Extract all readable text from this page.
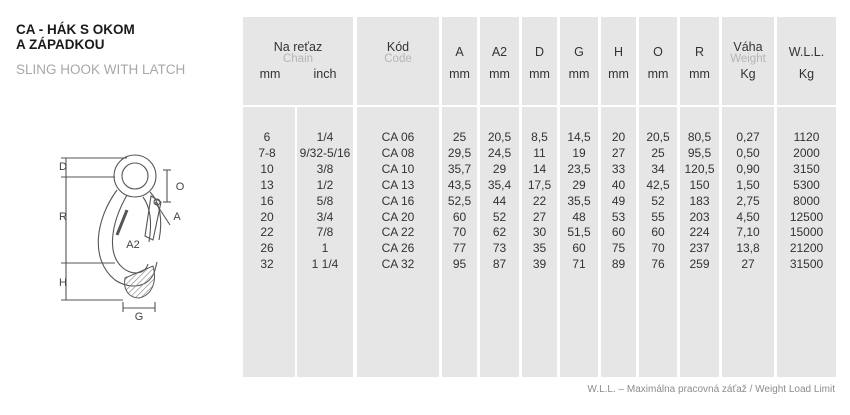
CA - HÁK S OKOM
A ZÁPADKOU
SLING HOOK WITH LATCH
D
R
H
O
A
A2
G
Na reťaz
Chain
mm	inch
6
7-8
10
13
16
20
22
26
32
1/4
9/32-5/16
3/8
1/2
5/8
3/4
7/8
1
1 1/4
Kód
Code
CA 06
CA 08
CA 10
CA 13
CA 16
CA 20
CA 22
CA 26
CA 32
A
mm
25
29,5
35,7
43,5
52,5
60
70
77
95
A2
mm
20,5
24,5
29
35,4
44
52
62
73
87
D
mm
8,5
11
14
17,5
22
27
30
35
39
G
mm
14,5
19
23,5
29
35,5
48
51,5
60
71
H
mm
20
27
33
40
49
53
60
75
89
O
mm
20,5
25
34
42,5
52
55
60
70
76
R
mm
80,5
95,5
120,5
150
183
203
224
237
259
Váha
Weight
Kg
0,27
0,50
0,90
1,50
2,75
4,50
7,10
13,8
27
W.L.L.
Kg
1120
2000
3150
5300
8000
12500
15000
21200
31500
W.L.L. – Maximálna pracovná záťaž / Weight Load Limit
